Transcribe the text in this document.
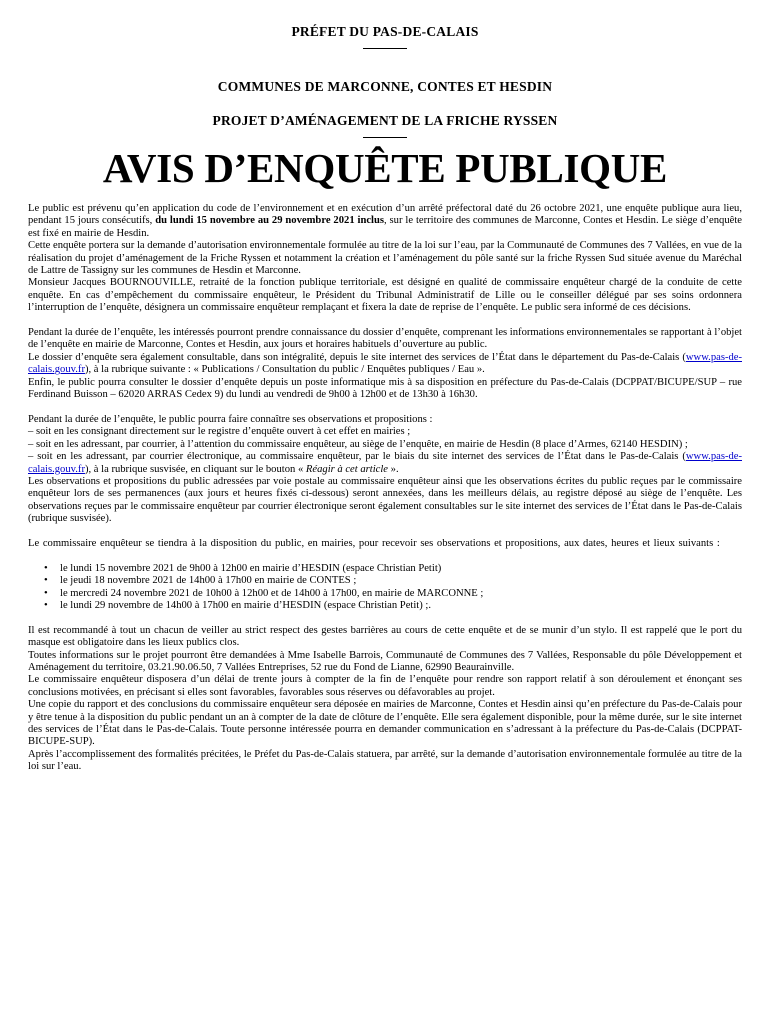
PRÉFET DU PAS-DE-CALAIS

COMMUNES DE MARCONNE, CONTES ET HESDIN

PROJET D’AMÉNAGEMENT DE LA FRICHE RYSSEN

AVIS D’ENQUÊTE PUBLIQUE

Le public est prévenu qu’en application du code de l’environnement et en exécution d’un arrêté préfectoral daté du 26 octobre 2021, une enquête publique aura lieu, pendant 15 jours consécutifs, du lundi 15 novembre au 29 novembre 2021 inclus, sur le territoire des communes de Marconne, Contes et Hesdin. Le siège d’enquête est fixé en mairie de Hesdin.

Cette enquête portera sur la demande d’autorisation environnementale formulée au titre de la loi sur l’eau, par la Communauté de Communes des 7 Vallées, en vue de la réalisation du projet d’aménagement de la Friche Ryssen et notamment la création et l’aménagement du pôle santé sur la friche Ryssen Sud située avenue du Maréchal de Lattre de Tassigny sur les communes de Hesdin et Marconne.

Monsieur Jacques BOURNOUVILLE, retraité de la fonction publique territoriale, est désigné en qualité de commissaire enquêteur chargé de la conduite de cette enquête. En cas d’empêchement du commissaire enquêteur, le Président du Tribunal Administratif de Lille ou le conseiller délégué par ses soins ordonnera l’interruption de l’enquête, désignera un commissaire enquêteur remplaçant et fixera la date de reprise de l’enquête. Le public sera informé de ces décisions.

Pendant la durée de l’enquête, les intéressés pourront prendre connaissance du dossier d’enquête, comprenant les informations environnementales se rapportant à l’objet de l’enquête en mairie de Marconne, Contes et Hesdin, aux jours et horaires habituels d’ouverture au public.

Le dossier d’enquête sera également consultable, dans son intégralité, depuis le site internet des services de l’État dans le département du Pas-de-Calais (www.pas-de-calais.gouv.fr), à la rubrique suivante : « Publications / Consultation du public / Enquêtes publiques / Eau ».

Enfin, le public pourra consulter le dossier d’enquête depuis un poste informatique mis à sa disposition en préfecture du Pas-de-Calais (DCPPAT/BICUPE/SUP – rue Ferdinand Buisson – 62020 ARRAS Cedex 9) du lundi au vendredi de 9h00 à 12h00 et de 13h30 à 16h30.

Pendant la durée de l’enquête, le public pourra faire connaître ses observations et propositions :

– soit en les consignant directement sur le registre d’enquête ouvert à cet effet en mairies ;

– soit en les adressant, par courrier, à l’attention du commissaire enquêteur, au siège de l’enquête, en mairie de Hesdin (8 place d’Armes, 62140 HESDIN) ;

– soit en les adressant, par courrier électronique, au commissaire enquêteur, par le biais du site internet des services de l’État dans le Pas-de-Calais (www.pas-de-calais.gouv.fr), à la rubrique susvisée, en cliquant sur le bouton « Réagir à cet article ».

Les observations et propositions du public adressées par voie postale au commissaire enquêteur ainsi que les observations écrites du public reçues par le commissaire enquêteur lors de ses permanences (aux jours et heures fixés ci-dessous) seront annexées, dans les meilleurs délais, au registre déposé au siège de l’enquête. Les observations reçues par le commissaire enquêteur par courrier électronique seront également consultables sur le site internet des services de l’État dans le Pas-de-Calais (rubrique susvisée).

Le commissaire enquêteur se tiendra à la disposition du public, en mairies, pour recevoir ses observations et propositions, aux dates, heures et lieux suivants :

• le lundi 15 novembre 2021 de 9h00 à 12h00 en mairie d’HESDIN (espace Christian Petit)
• le jeudi 18 novembre 2021 de 14h00 à 17h00 en mairie de CONTES ;
• le mercredi 24 novembre 2021 de 10h00 à 12h00 et de 14h00 à 17h00, en mairie de MARCONNE ;
• le lundi 29 novembre de 14h00 à 17h00 en mairie d’HESDIN (espace Christian Petit) ;.

Il est recommandé à tout un chacun de veiller au strict respect des gestes barrières au cours de cette enquête et de se munir d’un stylo. Il est rappelé que le port du masque est obligatoire dans les lieux publics clos.

Toutes informations sur le projet pourront être demandées à Mme Isabelle Barrois, Communauté de Communes des 7 Vallées, Responsable du pôle Développement et Aménagement du territoire, 03.21.90.06.50, 7 Vallées Entreprises, 52 rue du Fond de Lianne, 62990 Beaurainville.

Le commissaire enquêteur disposera d’un délai de trente jours à compter de la fin de l’enquête pour rendre son rapport relatif à son déroulement et énonçant ses conclusions motivées, en précisant si elles sont favorables, favorables sous réserves ou défavorables au projet.

Une copie du rapport et des conclusions du commissaire enquêteur sera déposée en mairies de Marconne, Contes et Hesdin ainsi qu’en préfecture du Pas-de-Calais pour y être tenue à la disposition du public pendant un an à compter de la date de clôture de l’enquête. Elle sera également disponible, pour la même durée, sur le site internet des services de l’État dans le Pas-de-Calais. Toute personne intéressée pourra en demander communication en s’adressant à la préfecture du Pas-de-Calais (DCPPAT-BICUPE-SUP).

Après l’accomplissement des formalités précitées, le Préfet du Pas-de-Calais statuera, par arrêté, sur la demande d’autorisation environnementale formulée au titre de la loi sur l’eau.
